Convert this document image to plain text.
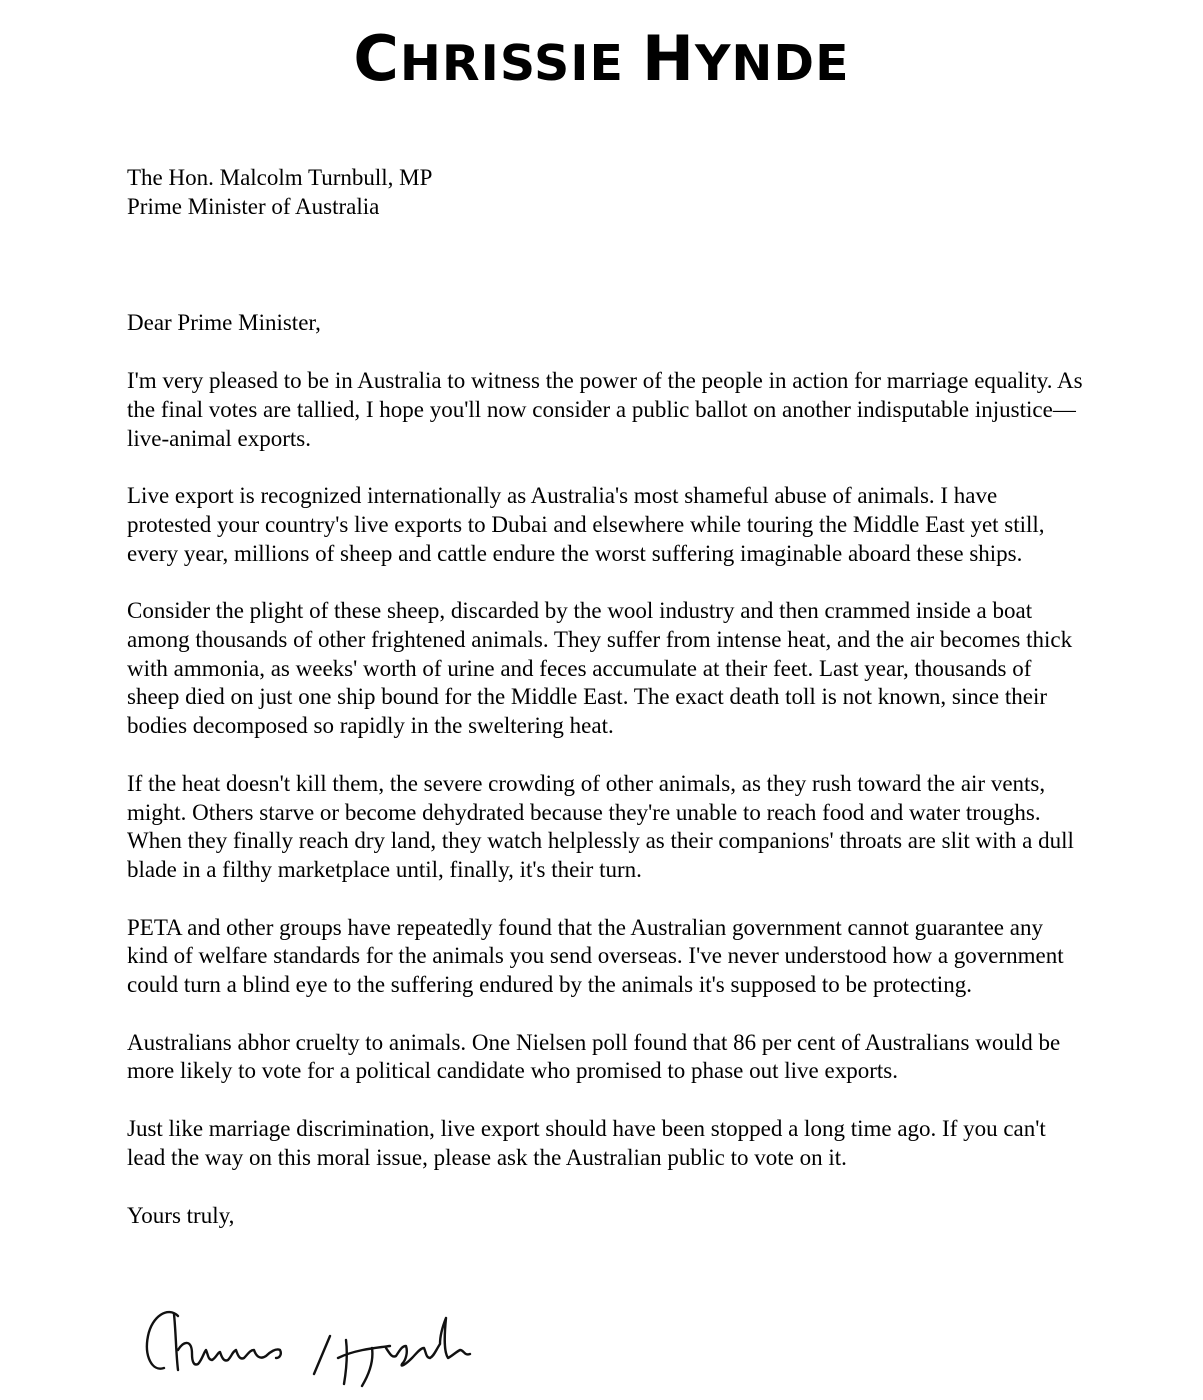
CHRISSIE HYNDE

The Hon. Malcolm Turnbull, MP

Prime Minister of Australia

Dear Prime Minister,

I'm very pleased to be in Australia to witness the power of the people in action for marriage equality. As the final votes are tallied, I hope you'll now consider a public ballot on another indisputable injustice—live-animal exports.

Live export is recognized internationally as Australia's most shameful abuse of animals. I have protested your country's live exports to Dubai and elsewhere while touring the Middle East yet still, every year, millions of sheep and cattle endure the worst suffering imaginable aboard these ships.

Consider the plight of these sheep, discarded by the wool industry and then crammed inside a boat among thousands of other frightened animals. They suffer from intense heat, and the air becomes thick with ammonia, as weeks' worth of urine and feces accumulate at their feet. Last year, thousands of sheep died on just one ship bound for the Middle East. The exact death toll is not known, since their bodies decomposed so rapidly in the sweltering heat.

If the heat doesn't kill them, the severe crowding of other animals, as they rush toward the air vents, might. Others starve or become dehydrated because they're unable to reach food and water troughs. When they finally reach dry land, they watch helplessly as their companions' throats are slit with a dull blade in a filthy marketplace until, finally, it's their turn.

PETA and other groups have repeatedly found that the Australian government cannot guarantee any kind of welfare standards for the animals you send overseas. I've never understood how a government could turn a blind eye to the suffering endured by the animals it's supposed to be protecting.

Australians abhor cruelty to animals. One Nielsen poll found that 86 per cent of Australians would be more likely to vote for a political candidate who promised to phase out live exports.

Just like marriage discrimination, live export should have been stopped a long time ago. If you can't lead the way on this moral issue, please ask the Australian public to vote on it.

Yours truly,
